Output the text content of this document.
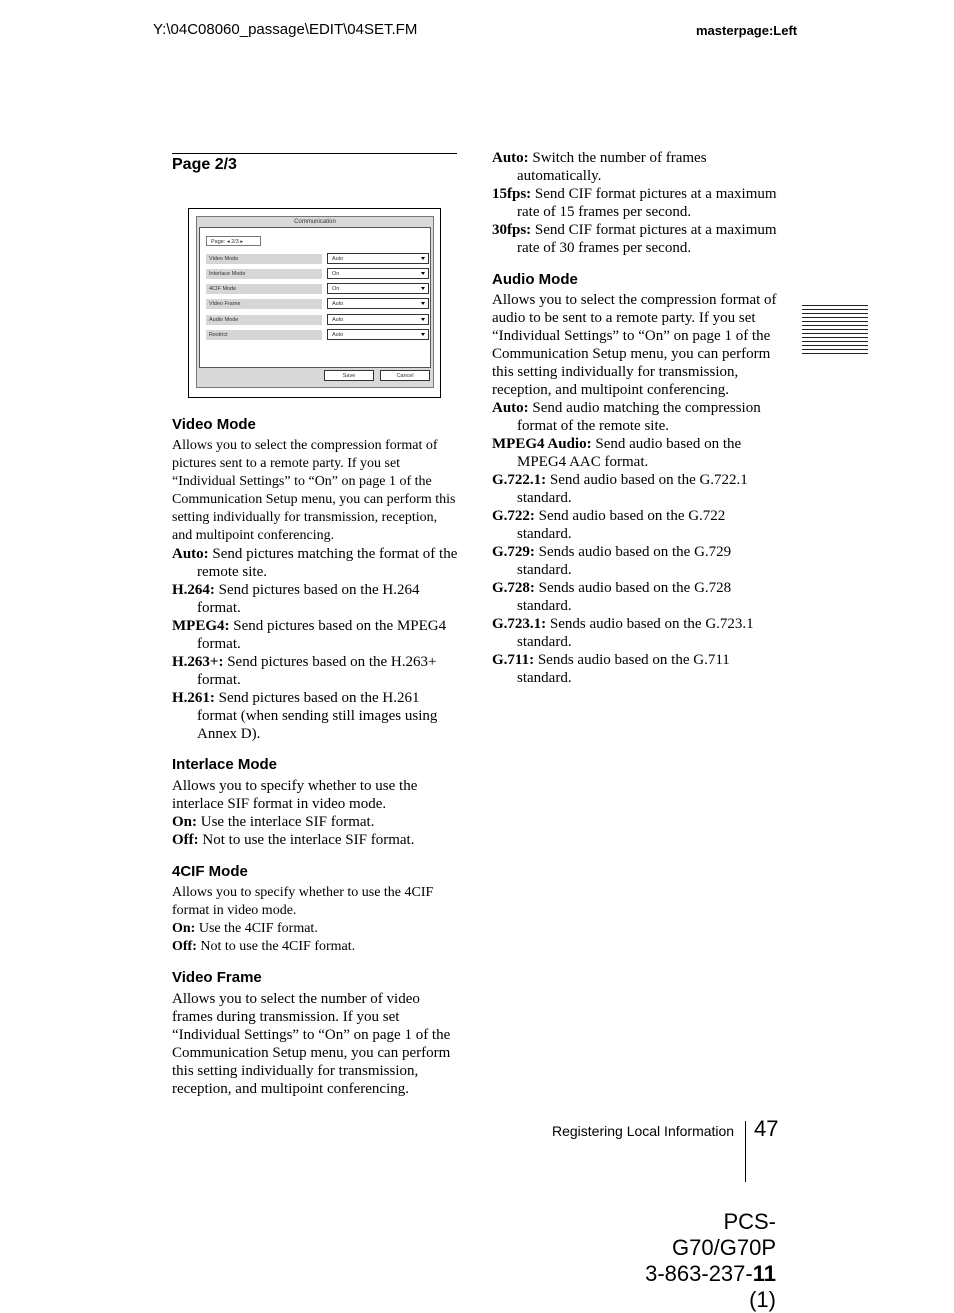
Y:\04C08060_passage\EDIT\04SET.FM	masterpage:Left
Page 2/3
Communication
Page: ◂ 2/3 ▸
Video Mode	Auto
Interlace Mode	On
4CIF Mode	On
Video Frame	Auto
Audio Mode	Auto
Restrict	Auto
Save	Cancel
Video Mode

Allows you to select the compression format of pictures sent to a remote party. If you set “Individual Settings” to “On” on page 1 of the Communication Setup menu, you can perform this setting individually for transmission, reception, and multipoint conferencing.

Auto: Send pictures matching the format of the remote site.

H.264: Send pictures based on the H.264 format.

MPEG4: Send pictures based on the MPEG4 format.

H.263+: Send pictures based on the H.263+ format.

H.261: Send pictures based on the H.261 format (when sending still images using Annex D).

Interlace Mode

Allows you to specify whether to use the interlace SIF format in video mode.

On: Use the interlace SIF format.

Off: Not to use the interlace SIF format.

4CIF Mode

Allows you to specify whether to use the 4CIF format in video mode.

On: Use the 4CIF format.

Off: Not to use the 4CIF format.

Video Frame

Allows you to select the number of video frames during transmission. If you set “Individual Settings” to “On” on page 1 of the Communication Setup menu, you can perform this setting individually for transmission, reception, and multipoint conferencing.

Auto: Switch the number of frames automatically.

15fps: Send CIF format pictures at a maximum rate of 15 frames per second.

30fps: Send CIF format pictures at a maximum rate of 30 frames per second.

Audio Mode

Allows you to select the compression format of audio to be sent to a remote party. If you set “Individual Settings” to “On” on page 1 of the Communication Setup menu, you can perform this setting individually for transmission, reception, and multipoint conferencing.

Auto: Send audio matching the compression format of the remote site.

MPEG4 Audio: Send audio based on the MPEG4 AAC format.

G.722.1: Send audio based on the G.722.1 standard.

G.722: Send audio based on the G.722 standard.

G.729: Sends audio based on the G.729 standard.

G.728: Sends audio based on the G.728 standard.

G.723.1: Sends audio based on the G.723.1 standard.

G.711: Sends audio based on the G.711 standard.

Registering Local Information 47
PCS-G70/G70P
3-863-237-11 (1)
